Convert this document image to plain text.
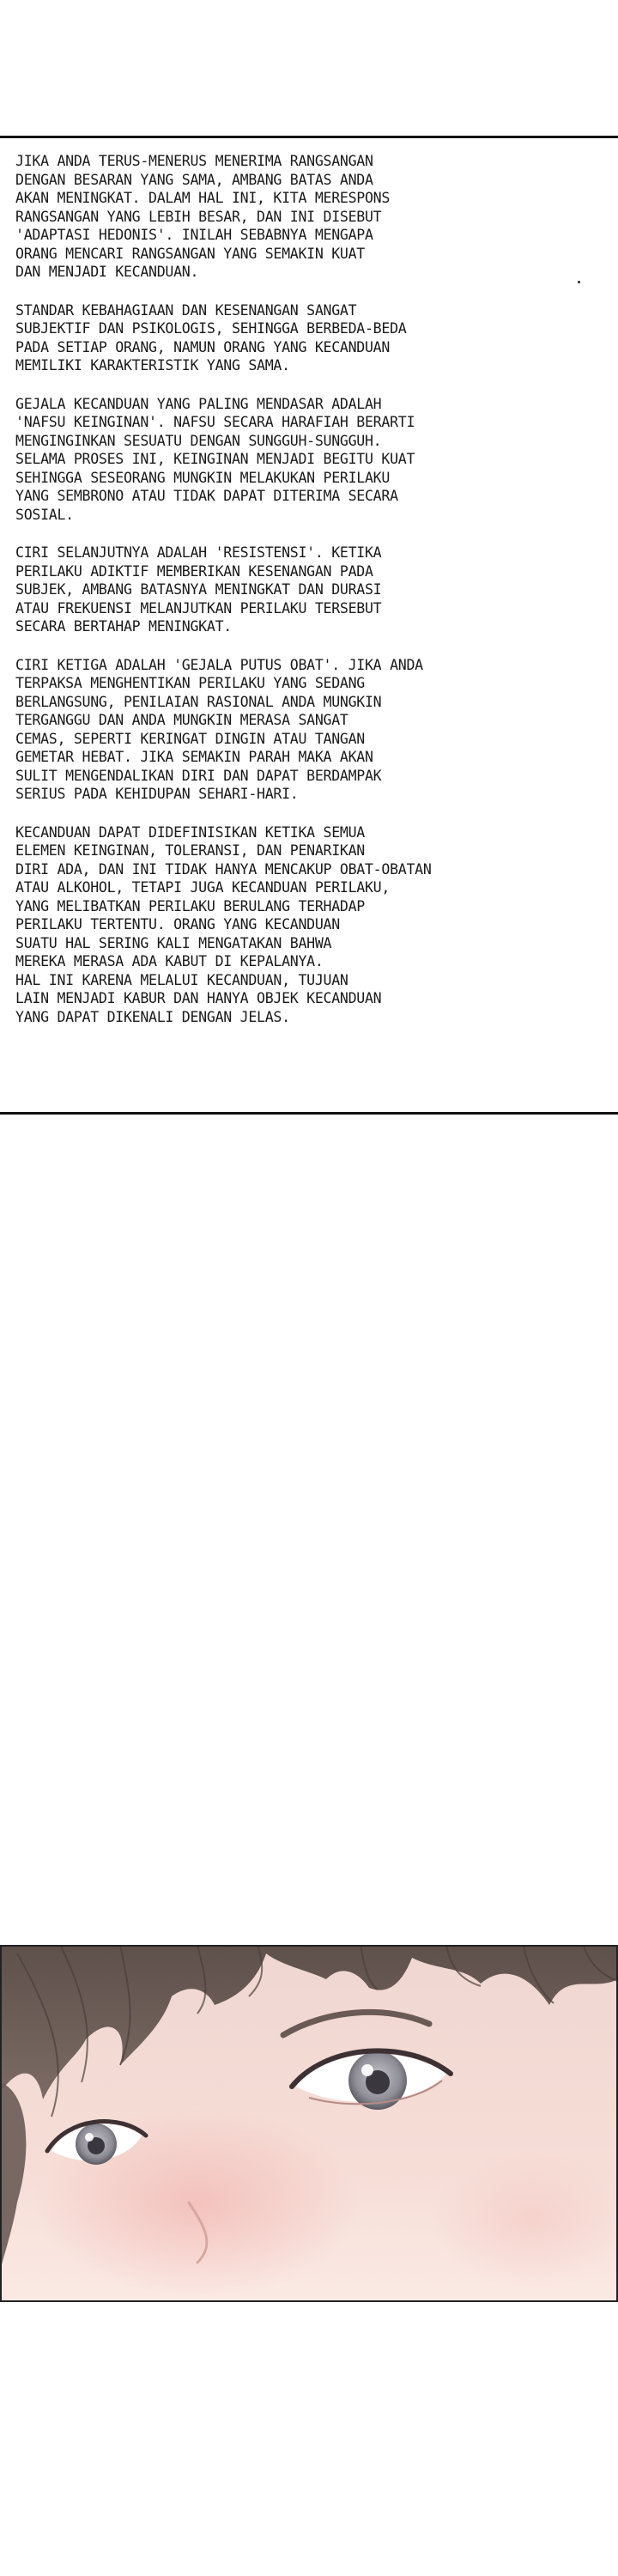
JIKA ANDA TERUS-MENERUS MENERIMA RANGSANGAN
DENGAN BESARAN YANG SAMA, AMBANG BATAS ANDA
AKAN MENINGKAT. DALAM HAL INI, KITA MERESPONS
RANGSANGAN YANG LEBIH BESAR, DAN INI DISEBUT
'ADAPTASI HEDONIS'. INILAH SEBABNYA MENGAPA
ORANG MENCARI RANGSANGAN YANG SEMAKIN KUAT
DAN MENJADI KECANDUAN.

STANDAR KEBAHAGIAAN DAN KESENANGAN SANGAT
SUBJEKTIF DAN PSIKOLOGIS, SEHINGGA BERBEDA-BEDA
PADA SETIAP ORANG, NAMUN ORANG YANG KECANDUAN
MEMILIKI KARAKTERISTIK YANG SAMA.

GEJALA KECANDUAN YANG PALING MENDASAR ADALAH
'NAFSU KEINGINAN'. NAFSU SECARA HARAFIAH BERARTI
MENGINGINKAN SESUATU DENGAN SUNGGUH-SUNGGUH.
SELAMA PROSES INI, KEINGINAN MENJADI BEGITU KUAT
SEHINGGA SESEORANG MUNGKIN MELAKUKAN PERILAKU
YANG SEMBRONO ATAU TIDAK DAPAT DITERIMA SECARA
SOSIAL.

CIRI SELANJUTNYA ADALAH 'RESISTENSI'. KETIKA
PERILAKU ADIKTIF MEMBERIKAN KESENANGAN PADA
SUBJEK, AMBANG BATASNYA MENINGKAT DAN DURASI
ATAU FREKUENSI MELANJUTKAN PERILAKU TERSEBUT
SECARA BERTAHAP MENINGKAT.

CIRI KETIGA ADALAH 'GEJALA PUTUS OBAT'. JIKA ANDA
TERPAKSA MENGHENTIKAN PERILAKU YANG SEDANG
BERLANGSUNG, PENILAIAN RASIONAL ANDA MUNGKIN
TERGANGGU DAN ANDA MUNGKIN MERASA SANGAT
CEMAS, SEPERTI KERINGAT DINGIN ATAU TANGAN
GEMETAR HEBAT. JIKA SEMAKIN PARAH MAKA AKAN
SULIT MENGENDALIKAN DIRI DAN DAPAT BERDAMPAK
SERIUS PADA KEHIDUPAN SEHARI-HARI.

KECANDUAN DAPAT DIDEFINISIKAN KETIKA SEMUA
ELEMEN KEINGINAN, TOLERANSI, DAN PENARIKAN
DIRI ADA, DAN INI TIDAK HANYA MENCAKUP OBAT-OBATAN
ATAU ALKOHOL, TETAPI JUGA KECANDUAN PERILAKU,
YANG MELIBATKAN PERILAKU BERULANG TERHADAP
PERILAKU TERTENTU. ORANG YANG KECANDUAN
SUATU HAL SERING KALI MENGATAKAN BAHWA
MEREKA MERASA ADA KABUT DI KEPALANYA.
HAL INI KARENA MELALUI KECANDUAN, TUJUAN
LAIN MENJADI KABUR DAN HANYA OBJEK KECANDUAN
YANG DAPAT DIKENALI DENGAN JELAS.
